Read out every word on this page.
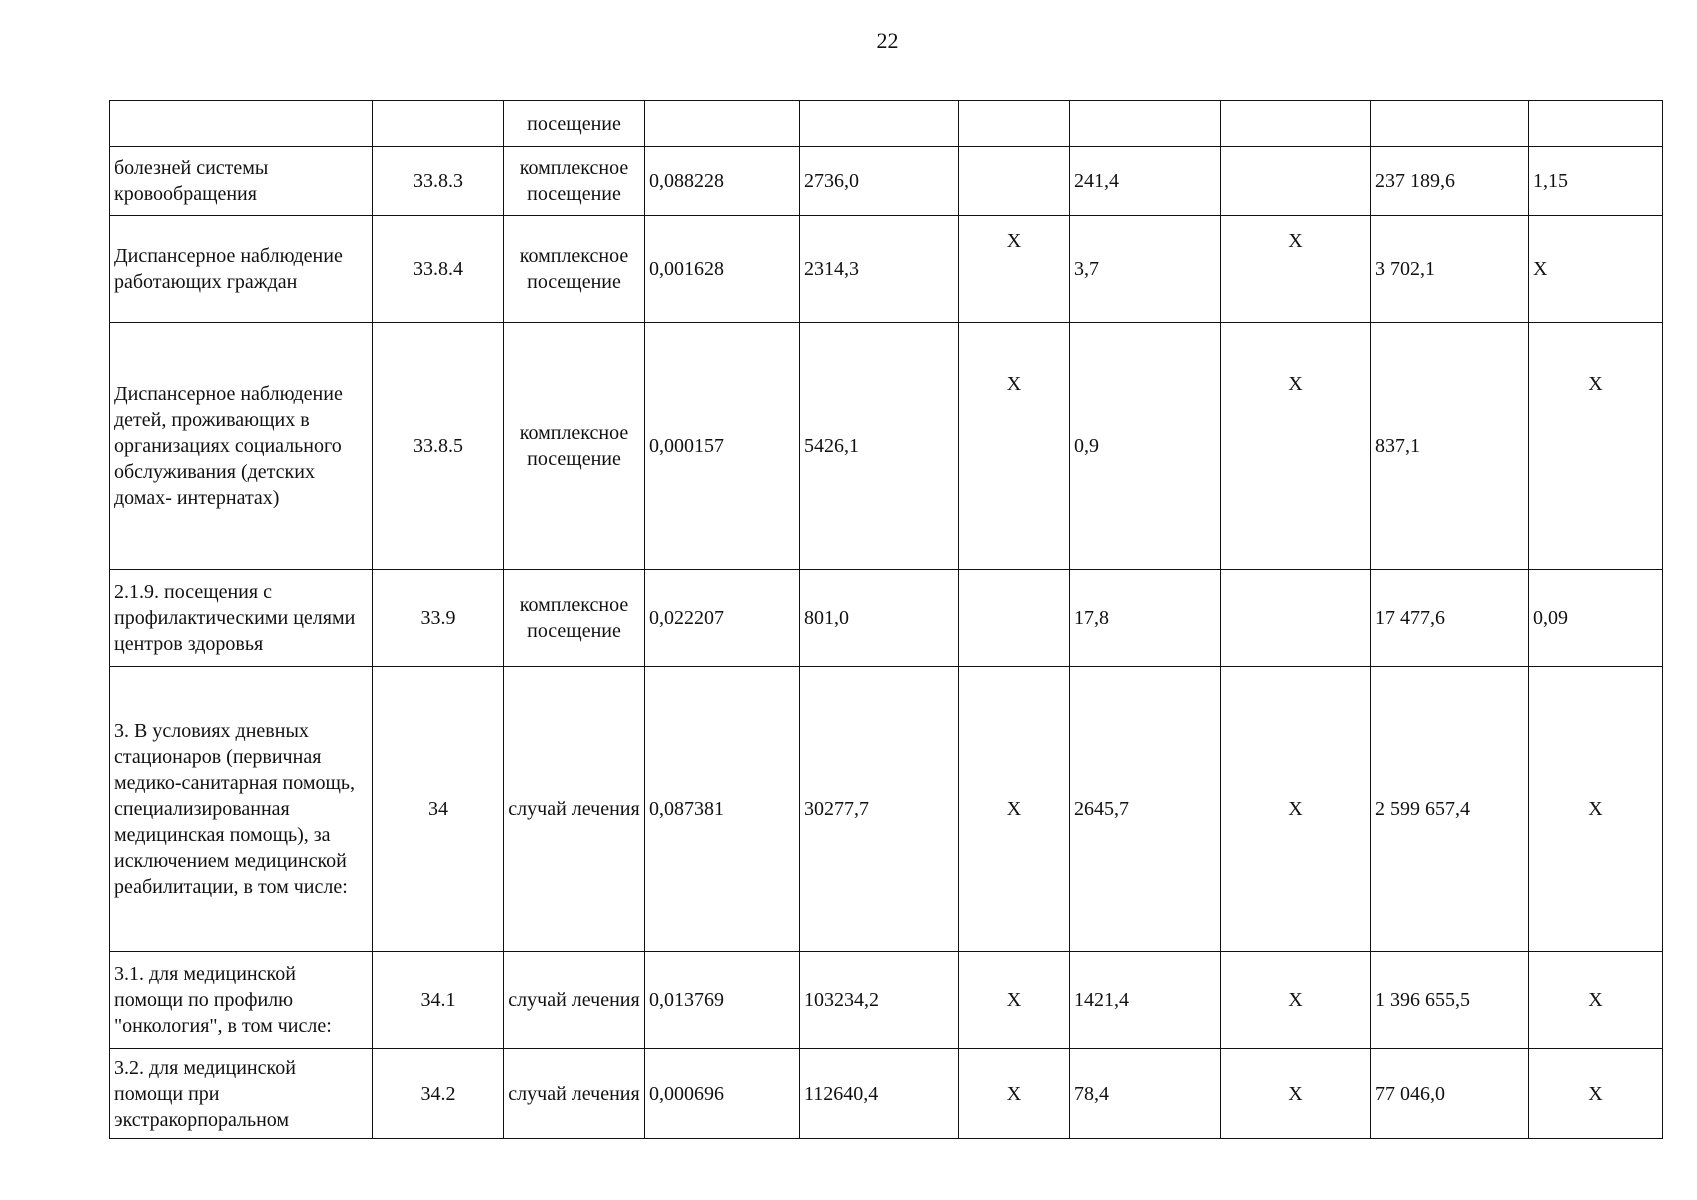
22
		посещение							
болезней системы кровообращения	33.8.3	комплексное посещение	0,088228	2736,0		241,4		237 189,6	1,15
Диспансерное наблюдение работающих граждан	33.8.4	комплексное посещение	0,001628	2314,3	X	3,7	X	3 702,1	X
Диспансерное наблюдение детей, проживающих в организациях социального обслуживания (детских домах- интернатах)	33.8.5	комплексное посещение	0,000157	5426,1	X	0,9	X	837,1	X
2.1.9. посещения с профилактическими целями центров здоровья	33.9	комплексное посещение	0,022207	801,0		17,8		17 477,6	0,09
3. В условиях дневных стационаров (первичная медико-санитарная помощь, специализированная медицинская помощь), за исключением медицинской реабилитации, в том числе:	34	случай лечения	0,087381	30277,7	X	2645,7	X	2 599 657,4	X
3.1. для медицинской помощи по профилю "онкология", в том числе:	34.1	случай лечения	0,013769	103234,2	X	1421,4	X	1 396 655,5	X
3.2. для медицинской помощи при экстракорпоральном	34.2	случай лечения	0,000696	112640,4	X	78,4	X	77 046,0	X
